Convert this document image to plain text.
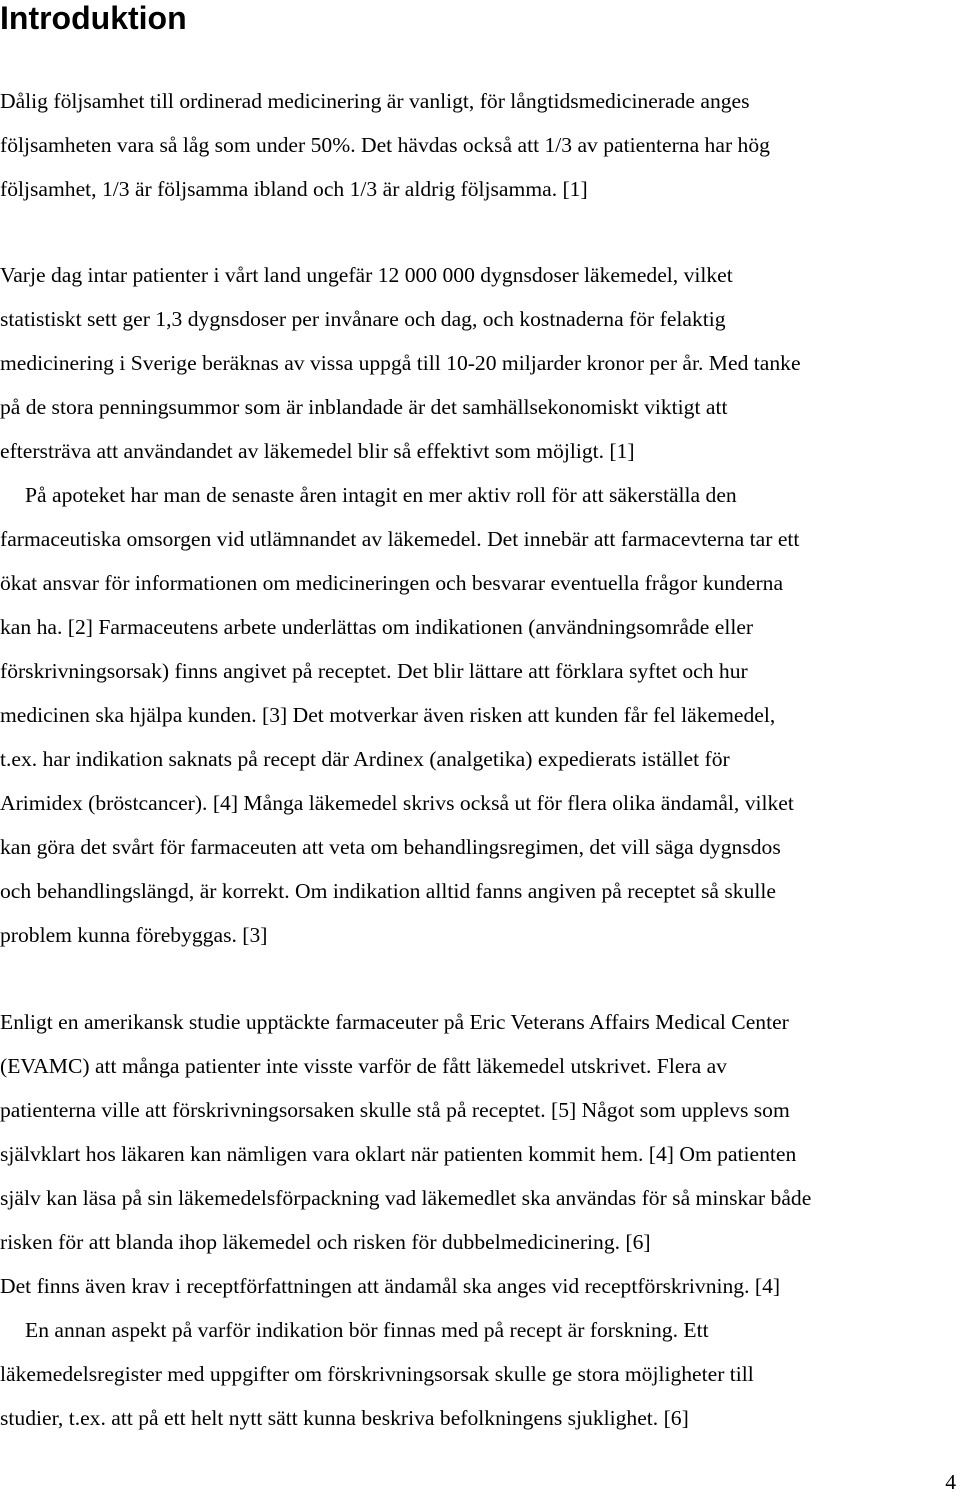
Introduktion
Dålig följsamhet till ordinerad medicinering är vanligt, för långtidsmedicinerade anges
följsamheten vara så låg som under 50%. Det hävdas också att 1/3 av patienterna har hög
följsamhet, 1/3 är följsamma ibland och 1/3 är aldrig följsamma. [1]
Varje dag intar patienter i vårt land ungefär 12 000 000 dygnsdoser läkemedel, vilket
statistiskt sett ger 1,3 dygnsdoser per invånare och dag, och kostnaderna för felaktig
medicinering i Sverige beräknas av vissa uppgå till 10-20 miljarder kronor per år. Med tanke
på de stora penningsummor som är inblandade är det samhällsekonomiskt viktigt att
eftersträva att användandet av läkemedel blir så effektivt som möjligt. [1]
På apoteket har man de senaste åren intagit en mer aktiv roll för att säkerställa den
farmaceutiska omsorgen vid utlämnandet av läkemedel. Det innebär att farmacevterna tar ett
ökat ansvar för informationen om medicineringen och besvarar eventuella frågor kunderna
kan ha. [2] Farmaceutens arbete underlättas om indikationen (användningsområde eller
förskrivningsorsak) finns angivet på receptet. Det blir lättare att förklara syftet och hur
medicinen ska hjälpa kunden. [3] Det motverkar även risken att kunden får fel läkemedel,
t.ex. har indikation saknats på recept där Ardinex (analgetika) expedierats istället för
Arimidex (bröstcancer). [4] Många läkemedel skrivs också ut för flera olika ändamål, vilket
kan göra det svårt för farmaceuten att veta om behandlingsregimen, det vill säga dygnsdos
och behandlingslängd, är korrekt. Om indikation alltid fanns angiven på receptet så skulle
problem kunna förebyggas. [3]
Enligt en amerikansk studie upptäckte farmaceuter på Eric Veterans Affairs Medical Center
(EVAMC) att många patienter inte visste varför de fått läkemedel utskrivet. Flera av
patienterna ville att förskrivningsorsaken skulle stå på receptet. [5] Något som upplevs som
självklart hos läkaren kan nämligen vara oklart när patienten kommit hem. [4] Om patienten
själv kan läsa på sin läkemedelsförpackning vad läkemedlet ska användas för så minskar både
risken för att blanda ihop läkemedel och risken för dubbelmedicinering. [6]
Det finns även krav i receptförfattningen att ändamål ska anges vid receptförskrivning. [4]
En annan aspekt på varför indikation bör finnas med på recept är forskning. Ett
läkemedelsregister med uppgifter om förskrivningsorsak skulle ge stora möjligheter till
studier, t.ex. att på ett helt nytt sätt kunna beskriva befolkningens sjuklighet. [6]
4
